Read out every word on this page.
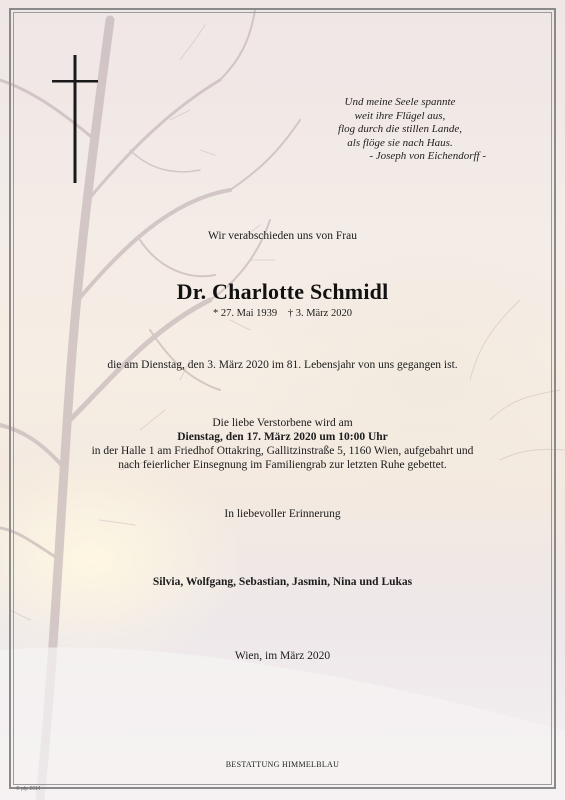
Und meine Seele spannte
weit ihre Flügel aus,
flog durch die stillen Lande,
als flöge sie nach Haus.
- Joseph von Eichendorff -
Wir verabschieden uns von Frau
Dr. Charlotte Schmidl
* 27. Mai 1939 † 3. März 2020
die am Dienstag, den 3. März 2020 im 81. Lebensjahr von uns gegangen ist.
Die liebe Verstorbene wird am
Dienstag, den 17. März 2020 um 10:00 Uhr
in der Halle 1 am Friedhof Ottakring, Gallitzinstraße 5, 1160 Wien, aufgebahrt und
nach feierlicher Einsegnung im Familiengrab zur letzten Ruhe gebettet.
In liebevoller Erinnerung
Silvia, Wolfgang, Sebastian, Jasmin, Nina und Lukas
Wien, im März 2020
BESTATTUNG HIMMELBLAU
© pfp 2014
